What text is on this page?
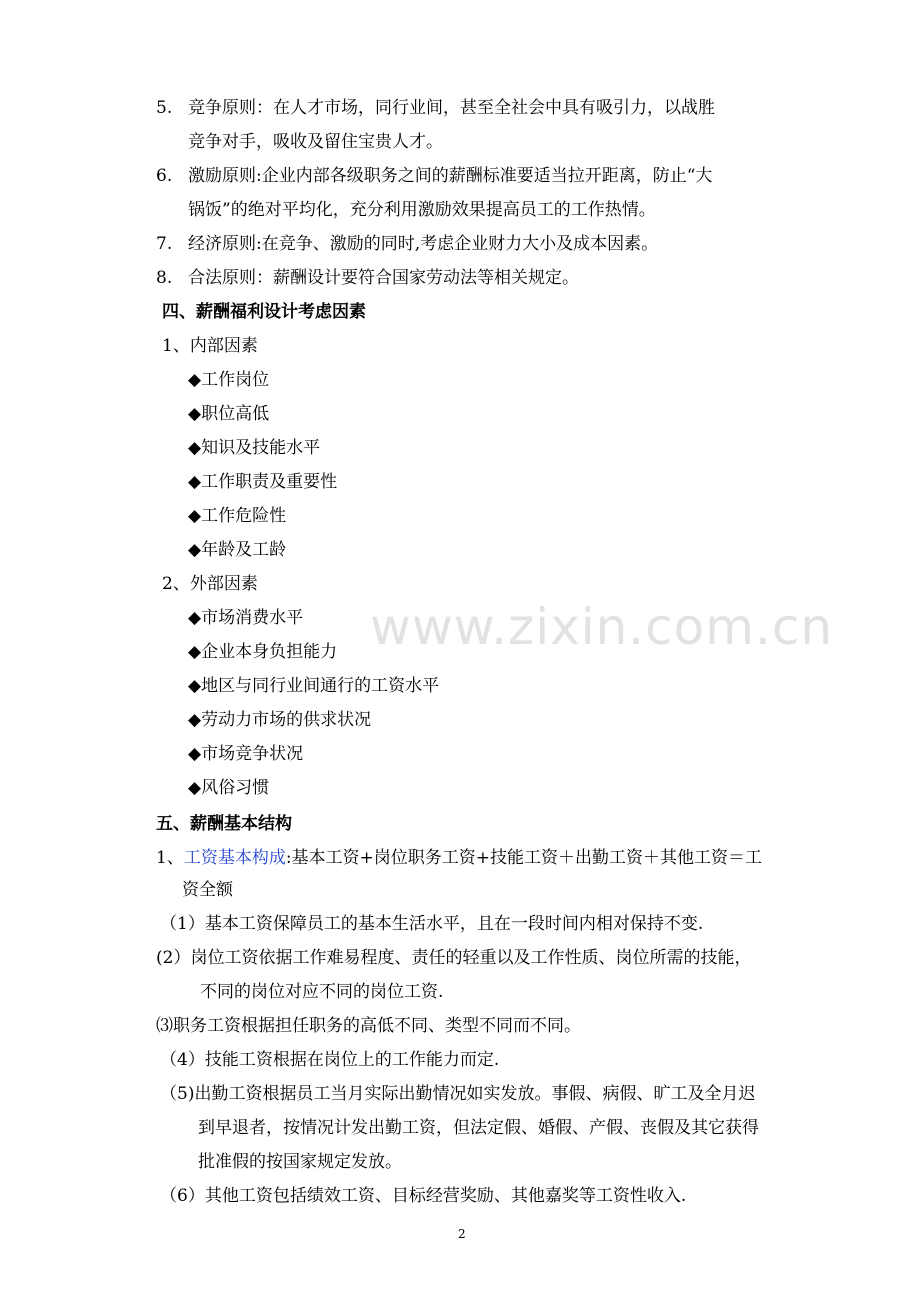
www.zixin.com.cn
5. 竞争原则：在人才市场，同行业间，甚至全社会中具有吸引力，以战胜
竞争对手，吸收及留住宝贵人才。
6. 激励原则:企业内部各级职务之间的薪酬标准要适当拉开距离，防止“大
锅饭”的绝对平均化，充分利用激励效果提高员工的工作热情。
7. 经济原则:在竞争、激励的同时,考虑企业财力大小及成本因素。
8. 合法原则：薪酬设计要符合国家劳动法等相关规定。
四、薪酬福利设计考虑因素
1、内部因素
◆工作岗位
◆职位高低
◆知识及技能水平
◆工作职责及重要性
◆工作危险性
◆年龄及工龄
2、外部因素
◆市场消费水平
◆企业本身负担能力
◆地区与同行业间通行的工资水平
◆劳动力市场的供求状况
◆市场竞争状况
◆风俗习惯
五、薪酬基本结构
1、工资基本构成:基本工资+岗位职务工资+技能工资＋出勤工资＋其他工资＝工
资全额
（1）基本工资保障员工的基本生活水平，且在一段时间内相对保持不变.
(2）岗位工资依据工作难易程度、责任的轻重以及工作性质、岗位所需的技能，
不同的岗位对应不同的岗位工资.
⑶职务工资根据担任职务的高低不同、类型不同而不同。
（4）技能工资根据在岗位上的工作能力而定.
（5)出勤工资根据员工当月实际出勤情况如实发放。事假、病假、旷工及全月迟
到早退者，按情况计发出勤工资，但法定假、婚假、产假、丧假及其它获得
批准假的按国家规定发放。
（6）其他工资包括绩效工资、目标经营奖励、其他嘉奖等工资性收入.
2
